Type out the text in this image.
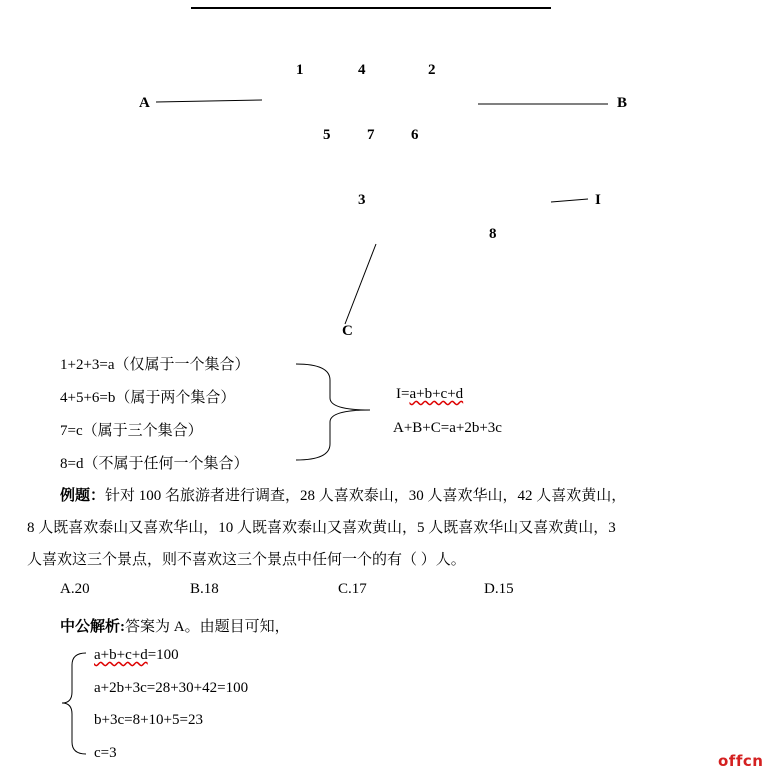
1	4	2
5 7 6
3
8
A	B
I
C
1+2+3=a（仅属于一个集合）
4+5+6=b（属于两个集合）
7=c（属于三个集合）
8=d（不属于任何一个集合）
I=a+b+c+d
A+B+C=a+2b+3c
例题：针对 100 名旅游者进行调查，28 人喜欢泰山，30 人喜欢华山，42 人喜欢黄山，
8 人既喜欢泰山又喜欢华山，10 人既喜欢泰山又喜欢黄山，5 人既喜欢华山又喜欢黄山，3
人喜欢这三个景点，则不喜欢这三个景点中任何一个的有（ ）人。
A.20	B.18	C.17	D.15
中公解析:答案为 A。由题目可知，
a+b+c+d=100
a+2b+3c=28+30+42=100
b+3c=8+10+5=23
c=3	offcn
